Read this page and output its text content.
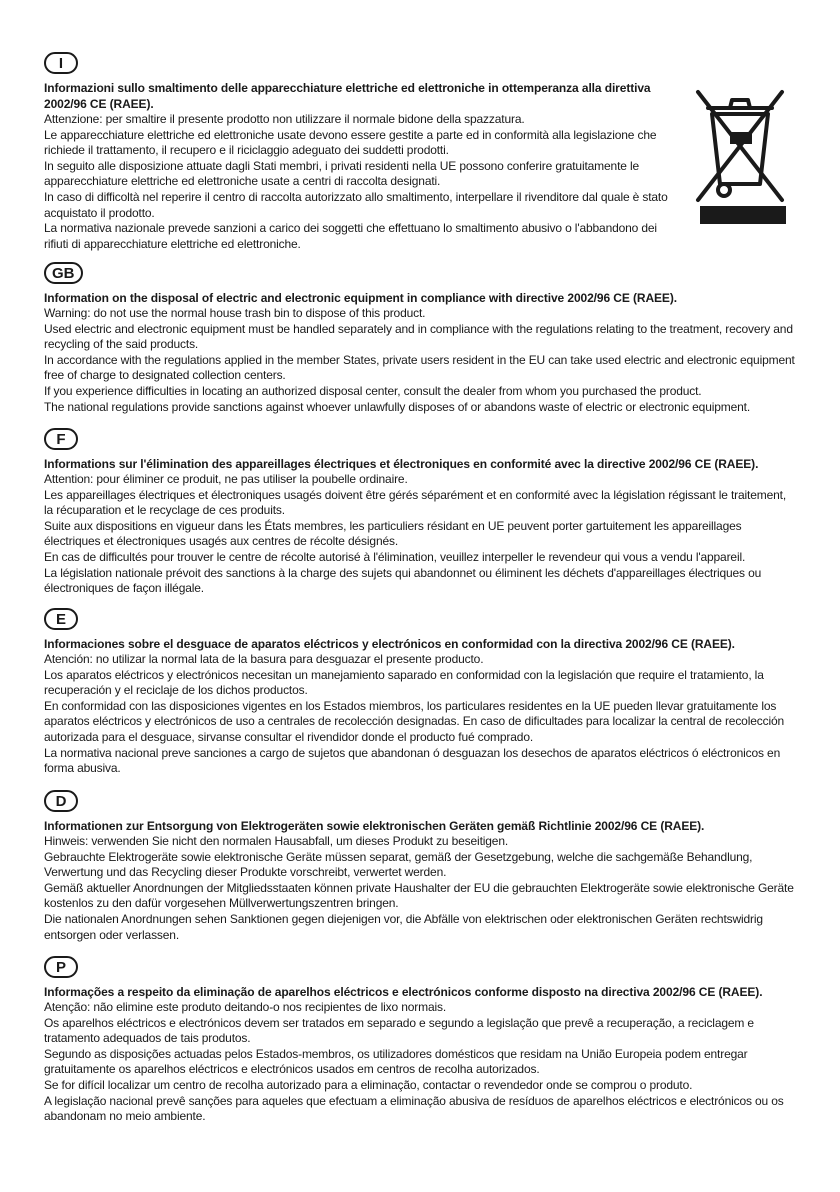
I
Informazioni sullo smaltimento delle apparecchiature elettriche ed elettroniche in ottemperanza alla direttiva 2002/96 CE (RAEE).
Attenzione: per smaltire il presente prodotto non utilizzare il normale bidone della spazzatura.
Le apparecchiature elettriche ed elettroniche usate devono essere gestite a parte ed in conformità alla legislazione che richiede il trattamento, il recupero e il riciclaggio adeguato dei suddetti prodotti.
In seguito alle disposizione attuate dagli Stati membri, i privati residenti nella UE possono conferire gratuitamente le apparecchiature elettriche ed elettroniche usate a centri di raccolta designati.
In caso di difficoltà nel reperire il centro di raccolta autorizzato allo smaltimento, interpellare il rivenditore dal quale è stato acquistato il prodotto.
La normativa nazionale prevede sanzioni a carico dei soggetti che effettuano lo smaltimento abusivo o l'abbandono dei rifiuti di apparecchiature elettriche ed elettroniche.
GB
Information on the disposal of electric and electronic equipment in compliance with directive 2002/96 CE (RAEE).
Warning: do not use the normal house trash bin to dispose of this product.
Used electric and electronic equipment must be handled separately and in compliance with the regulations relating to the treatment, recovery and recycling of the said products.
In accordance with the regulations applied in the member States, private users resident in the EU can take used electric and electronic equipment free of charge to designated collection centers.
If you experience difficulties in locating an authorized disposal center, consult the dealer from whom you purchased the product.
The national regulations provide sanctions against whoever unlawfully disposes of or abandons waste of electric or electronic equipment.
F
Informations sur l'élimination des appareillages électriques et électroniques en conformité avec la directive 2002/96 CE (RAEE).
Attention: pour éliminer ce produit, ne pas utiliser la poubelle ordinaire.
Les appareillages électriques et électroniques usagés doivent être gérés séparément et en conformité avec la législation régissant le traitement, la récuparation et le recyclage de ces produits.
Suite aux dispositions en vigueur dans les États membres, les particuliers résidant en UE peuvent porter gartuitement les appareillages électriques et électroniques usagés aux centres de récolte désignés.
En cas de difficultés pour trouver le centre de récolte autorisé à l'élimination, veuillez interpeller le revendeur qui vous a vendu l'appareil.
La législation nationale prévoit des sanctions à la charge des sujets qui abandonnet ou éliminent les déchets d'appareillages électriques ou électroniques de façon illégale.
E
Informaciones sobre el desguace de aparatos eléctricos y electrónicos en conformidad con la directiva 2002/96 CE (RAEE).
Atención: no utilizar la normal lata de la basura para desguazar el presente producto.
Los aparatos eléctricos y electrónicos necesitan un manejamiento saparado en conformidad con la legislación que require el tratamiento, la recuperación y el reciclaje de los dichos productos.
En conformidad con las disposiciones vigentes en los Estados miembros, los particulares residentes en la UE pueden llevar gratuitamente los aparatos eléctricos y electrónicos de uso a centrales de recolección designadas. En caso de dificultades para localizar la central de recolección autorizada para el desguace, sirvanse consultar el rivendidor donde el producto fué comprado.
La normativa nacional preve sanciones a cargo de sujetos que abandonan ó desguazan los desechos de aparatos eléctricos ó eléctronicos en forma abusiva.
D
Informationen zur Entsorgung von Elektrogeräten sowie elektronischen Geräten gemäß Richtlinie 2002/96 CE (RAEE).
Hinweis: verwenden Sie nicht den normalen Hausabfall, um dieses Produkt zu beseitigen.
Gebrauchte Elektrogeräte sowie elektronische Geräte müssen separat, gemäß der Gesetzgebung, welche die sachgemäße Behandlung, Verwertung und das Recycling dieser Produkte vorschreibt, verwertet werden.
Gemäß aktueller Anordnungen der Mitgliedsstaaten können private Haushalter der EU die gebrauchten Elektrogeräte sowie elektronische Geräte kostenlos zu den dafür vorgesehen Müllverwertungszentren bringen.
Die nationalen Anordnungen sehen Sanktionen gegen diejenigen vor, die Abfälle von elektrischen oder elektronischen Geräten rechtswidrig entsorgen oder verlassen.
P
Informações a respeito da eliminação de aparelhos eléctricos e electrónicos conforme disposto na directiva 2002/96 CE (RAEE).
Atenção: não elimine este produto deitando-o nos recipientes de lixo normais.
Os aparelhos eléctricos e electrónicos devem ser tratados em separado e segundo a legislação que prevê a recuperação, a reciclagem e tratamento adequados de tais produtos.
Segundo as disposições actuadas pelos Estados-membros, os utilizadores domésticos que residam na União Europeia podem entregar gratuitamente os aparelhos eléctricos e electrónicos usados em centros de recolha autorizados.
Se for difícil localizar um centro de recolha autorizado para a eliminação, contactar o revendedor onde se comprou o produto.
A legislação nacional prevê sanções para aqueles que efectuam a eliminação abusiva de resíduos de aparelhos eléctricos e electrónicos ou os abandonam no meio ambiente.
